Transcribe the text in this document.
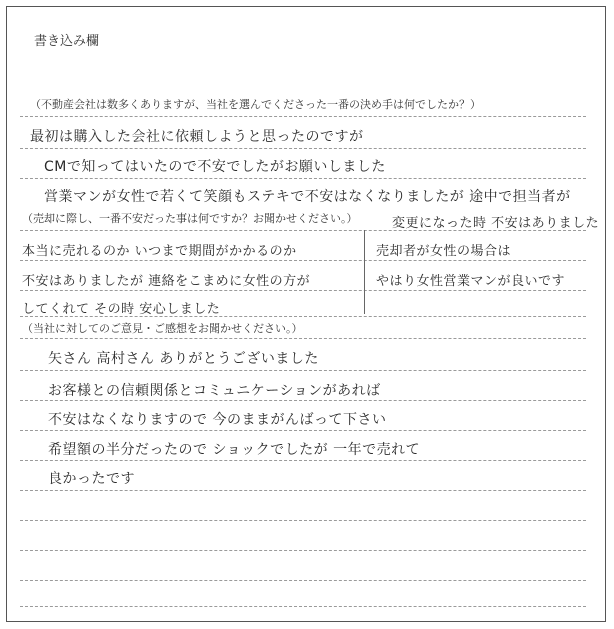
書き込み欄
（不動産会社は数多くありますが、当社を選んでくださった一番の決め手は何でしたか？）
最初は購入した会社に依頼しようと思ったのですが
CMで知ってはいたので不安でしたがお願いしました
営業マンが女性で若くて笑顔もステキで不安はなくなりましたが 途中で担当者が
変更になった時 不安はありました
（売却に際し、一番不安だった事は何ですか？お聞かせください。）
本当に売れるのか いつまで期間がかかるのか	売却者が女性の場合は
不安はありましたが 連絡をこまめに女性の方が	やはり女性営業マンが良いです
してくれて その時 安心しました
（当社に対してのご意見・ご感想をお聞かせください。）
矢さん 高村さん ありがとうございました
お客様との信頼関係とコミュニケーションがあれば
不安はなくなりますので 今のままがんばって下さい
希望額の半分だったので ショックでしたが 一年で売れて
良かったです
